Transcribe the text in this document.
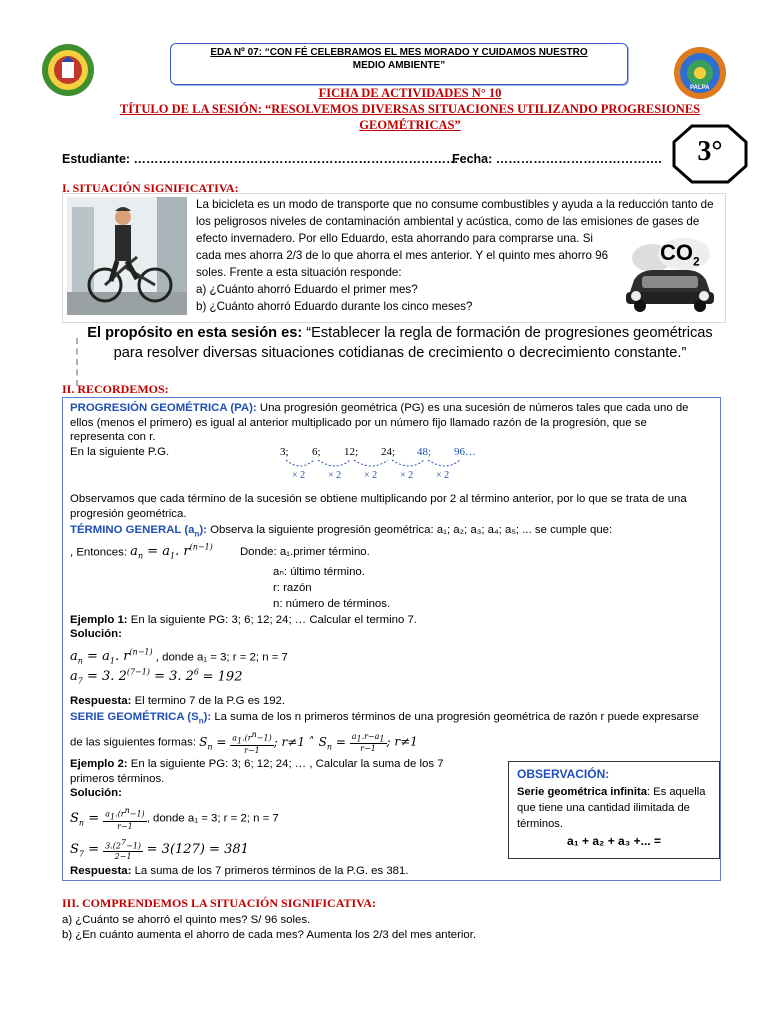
EDA Nº 07: “CON FÉ CELEBRAMOS EL MES MORADO Y CUIDAMOS NUESTRO
MEDIO AMBIENTE”
PALPA
FICHA DE ACTIVIDADES N° 10
TÍTULO DE LA SESIÓN: “RESOLVEMOS DIVERSAS SITUACIONES UTILIZANDO PROGRESIONES
GEOMÉTRICAS”
Estudiante: ……………………………………………………………………
Fecha: ………………………………….	3°
I. SITUACIÓN SIGNIFICATIVA:
La bicicleta es un modo de transporte que no consume combustibles y ayuda a la reducción tanto de
los peligrosos niveles de contaminación ambiental y acústica, como de las emisiones de gases de
efecto invernadero. Por ello Eduardo, esta ahorrando para comprarse una. Si
cada mes ahorra 2/3 de lo que ahorra el mes anterior. Y el quinto mes ahorro 96
soles. Frente a esta situación responde:
a) ¿Cuánto ahorró Eduardo el primer mes?
b) ¿Cuánto ahorró Eduardo durante los cinco meses?
$CO_2$
El propósito en esta sesión es: “Establecer la regla de formación de progresiones geométricas
para resolver diversas situaciones cotidianas de crecimiento o decrecimiento constante.”
II. RECORDEMOS:
PROGRESIÓN GEOMÉTRICA (PA): Una progresión geométrica (PG) es una sucesión de números tales que cada uno de
ellos (menos el primero) es igual al anterior multiplicado por un número fijo llamado razón de la progresión, que se
representa con r.
En la siguiente P.G.	3; 6; 12; 24; 48; 96…
× 2 × 2 × 2 × 2 × 2
Observamos que cada término de la sucesión se obtiene multiplicando por 2 al término anterior, por lo que se trata de una
progresión geométrica.
TÉRMINO GENERAL $(a_n)$: Observa la siguiente progresión geométrica: a₁; a₂; a₃; a₄; a₅; ... se cumple que:
, Entonces: $a_n = a_1$. $r^{(n-1)}$ Donde: a₁.primer término.
aₙ: último término.
r: razón
n: número de términos.
Ejemplo 1: En la siguiente PG: 3; 6; 12; 24; … Calcular el termino 7.
Solución:
$a_n = a_1$. $r^{(n-1)}$ , donde a₁ = 3; r = 2; n = 7
$a_7 = 3$. $2^{(7-1)} = 3$. $2^6 = 192$
Respuesta: El termino 7 de la P.G es 192.
SERIE GEOMÉTRICA $(S_n)$: La suma de los n primeros términos de una progresión geométrica de razón r puede expresarse
de las siguientes formas: $S_n = \frac{a_1.(r^n-1)}{r-1}$ ; r≠1 ˄ $S_n = \frac{a_1.r-a_1}{r-1}$ ; r≠1
Ejemplo 2: En la siguiente PG: 3; 6; 12; 24; … , Calcular la suma de los 7
primeros términos.
Solución:
$S_n = \frac{a_1.(r^n-1)}{r-1}$ , donde a₁ = 3; r = 2; n = 7
$S_7 = \frac{3.(2^7-1)}{2-1} = 3(127) = 381$
Respuesta: La suma de los 7 primeros términos de la P.G. es 381.
OBSERVACIÓN:
Serie geométrica infinita: Es aquella
que tiene una cantidad ilimitada de
términos.
a₁ + a₂ + a₃ +... =
III. COMPRENDEMOS LA SITUACIÓN SIGNIFICATIVA:
a) ¿Cuánto se ahorró el quinto mes? S/ 96 soles.
b) ¿En cuánto aumenta el ahorro de cada mes? Aumenta los 2/3 del mes anterior.
